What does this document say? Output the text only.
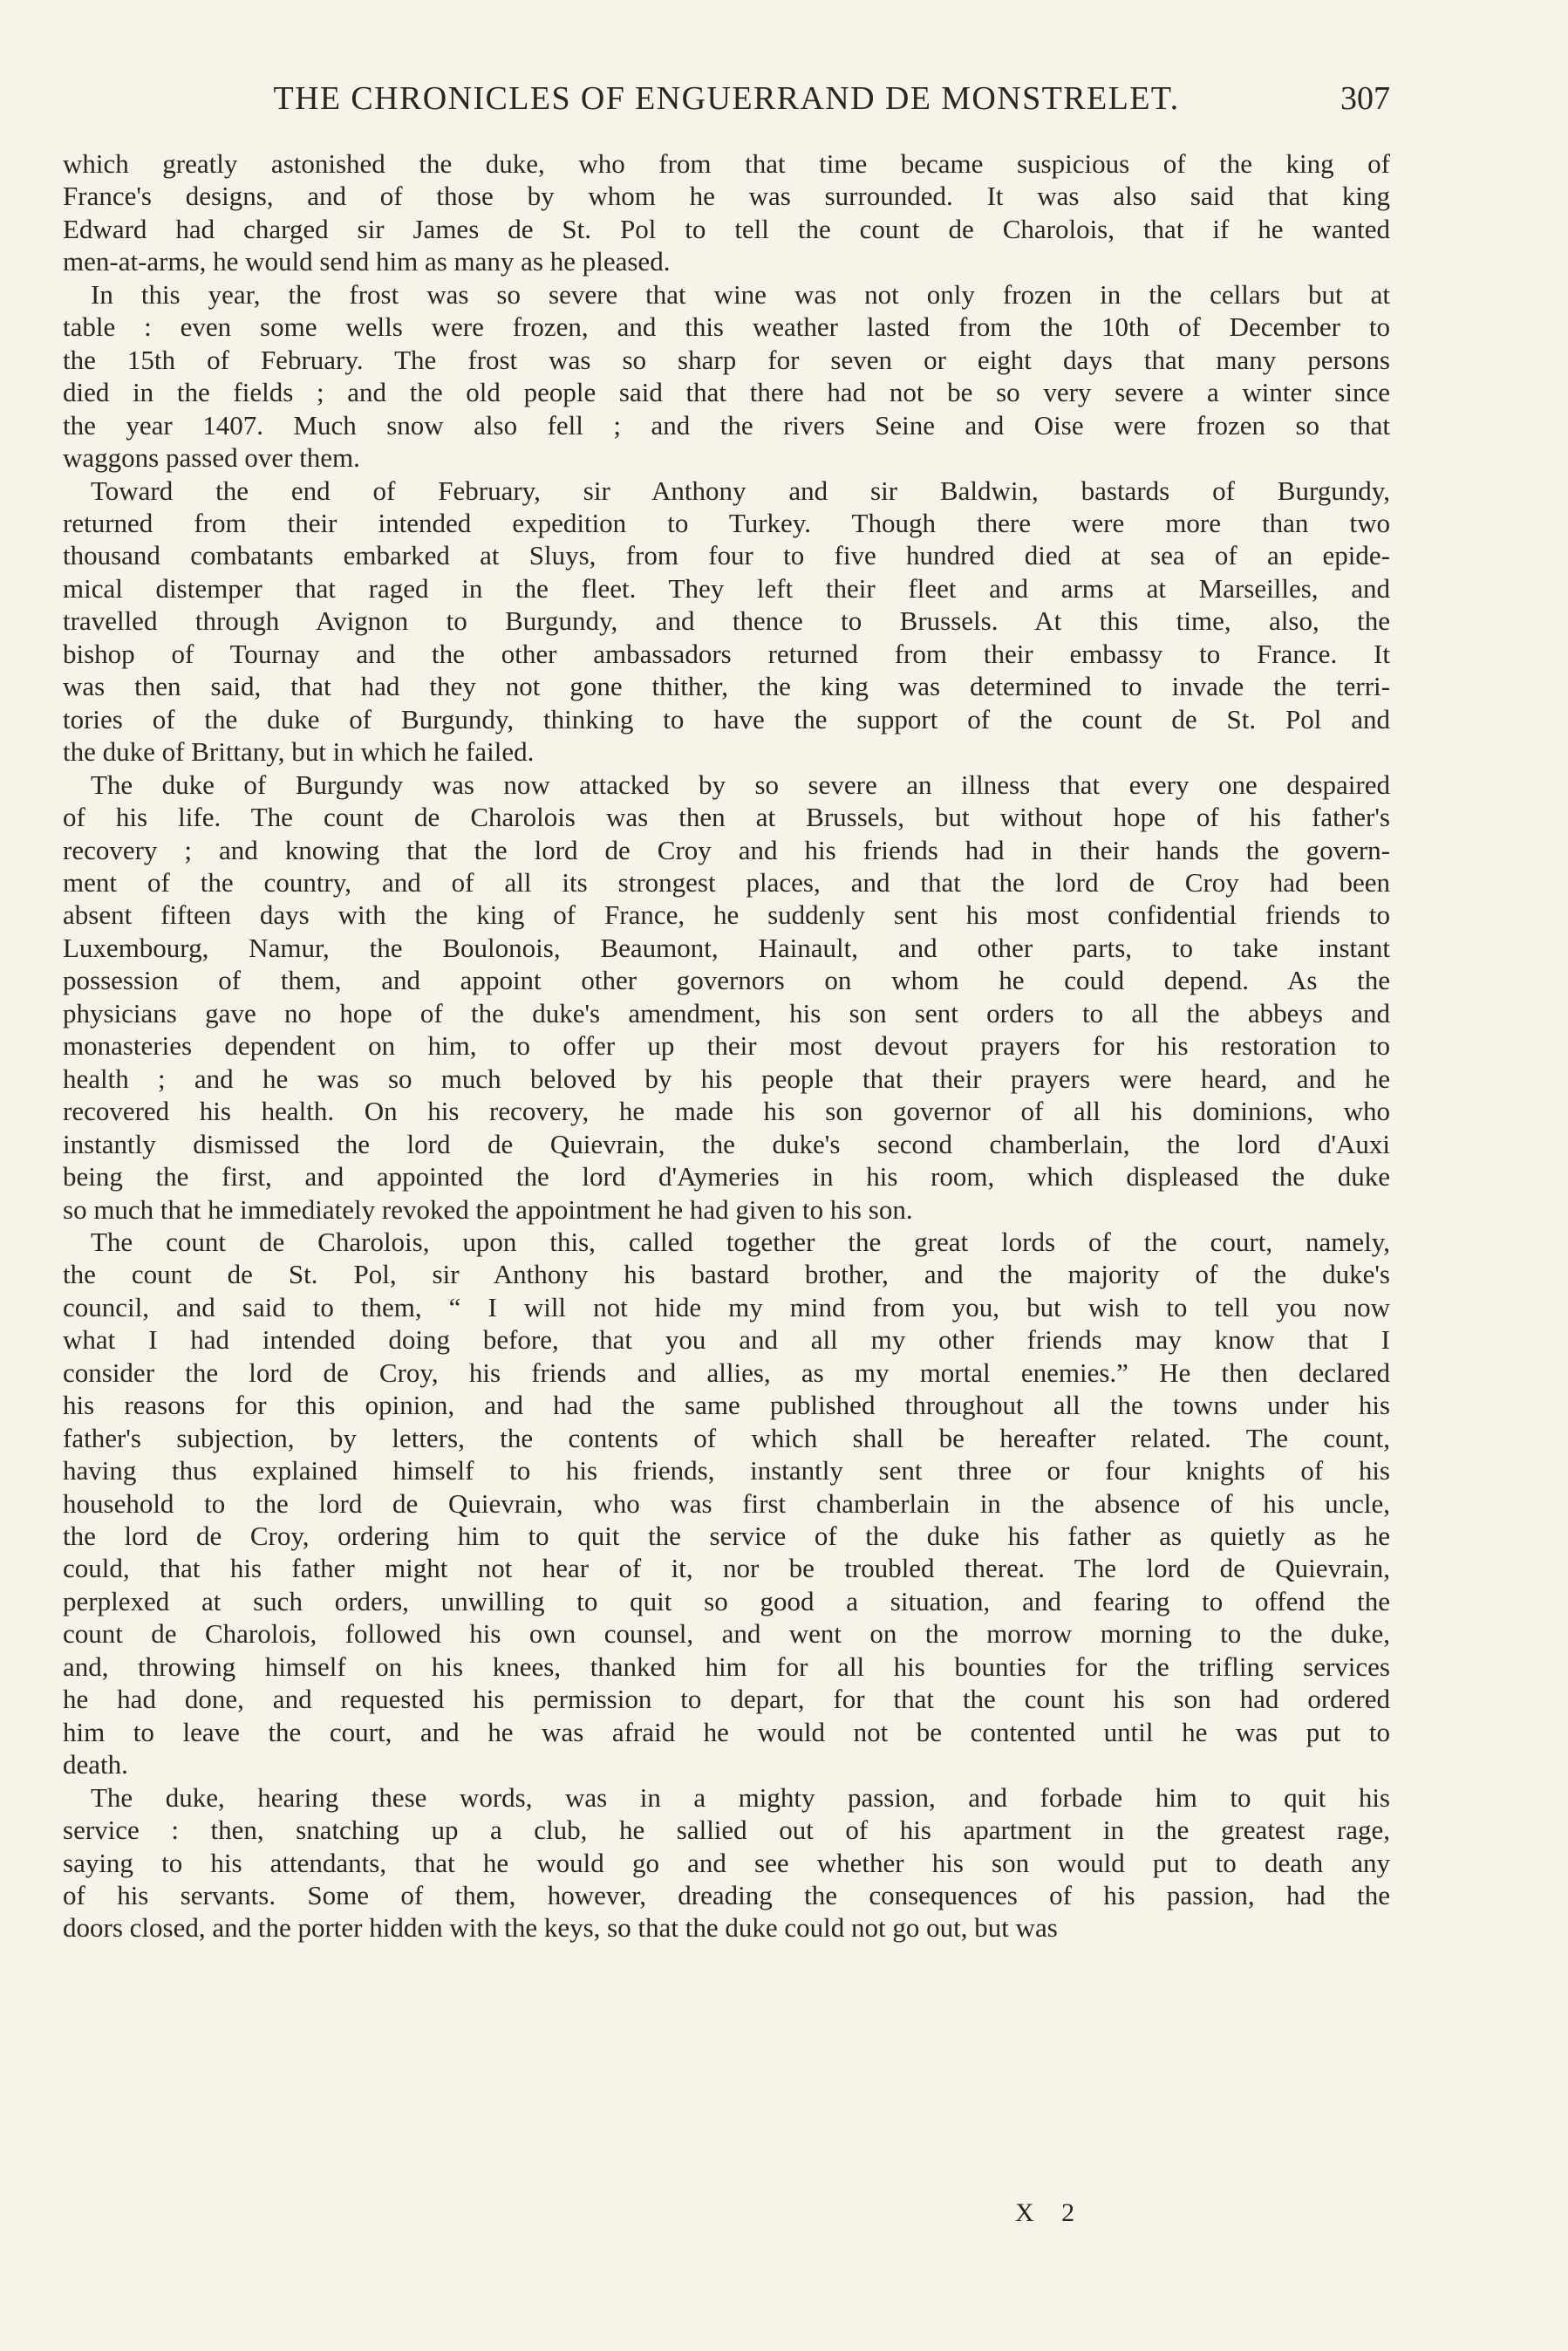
THE CHRONICLES OF ENGUERRAND DE MONSTRELET.	307

which greatly astonished the duke, who from that time became suspicious of the king of
France's designs, and of those by whom he was surrounded. It was also said that king
Edward had charged sir James de St. Pol to tell the count de Charolois, that if he wanted
men-at-arms, he would send him as many as he pleased.

In this year, the frost was so severe that wine was not only frozen in the cellars but at
table : even some wells were frozen, and this weather lasted from the 10th of December to
the 15th of February. The frost was so sharp for seven or eight days that many persons
died in the fields ; and the old people said that there had not be so very severe a winter since
the year 1407. Much snow also fell ; and the rivers Seine and Oise were frozen so that
waggons passed over them.

Toward the end of February, sir Anthony and sir Baldwin, bastards of Burgundy,
returned from their intended expedition to Turkey. Though there were more than two
thousand combatants embarked at Sluys, from four to five hundred died at sea of an epide-
mical distemper that raged in the fleet. They left their fleet and arms at Marseilles, and
travelled through Avignon to Burgundy, and thence to Brussels. At this time, also, the
bishop of Tournay and the other ambassadors returned from their embassy to France. It
was then said, that had they not gone thither, the king was determined to invade the terri-
tories of the duke of Burgundy, thinking to have the support of the count de St. Pol and
the duke of Brittany, but in which he failed.

The duke of Burgundy was now attacked by so severe an illness that every one despaired
of his life. The count de Charolois was then at Brussels, but without hope of his father's
recovery ; and knowing that the lord de Croy and his friends had in their hands the govern-
ment of the country, and of all its strongest places, and that the lord de Croy had been
absent fifteen days with the king of France, he suddenly sent his most confidential friends to
Luxembourg, Namur, the Boulonois, Beaumont, Hainault, and other parts, to take instant
possession of them, and appoint other governors on whom he could depend. As the
physicians gave no hope of the duke's amendment, his son sent orders to all the abbeys and
monasteries dependent on him, to offer up their most devout prayers for his restoration to
health ; and he was so much beloved by his people that their prayers were heard, and he
recovered his health. On his recovery, he made his son governor of all his dominions, who
instantly dismissed the lord de Quievrain, the duke's second chamberlain, the lord d'Auxi
being the first, and appointed the lord d'Aymeries in his room, which displeased the duke
so much that he immediately revoked the appointment he had given to his son.

The count de Charolois, upon this, called together the great lords of the court, namely,
the count de St. Pol, sir Anthony his bastard brother, and the majority of the duke's
council, and said to them, “ I will not hide my mind from you, but wish to tell you now
what I had intended doing before, that you and all my other friends may know that I
consider the lord de Croy, his friends and allies, as my mortal enemies.” He then declared
his reasons for this opinion, and had the same published throughout all the towns under his
father's subjection, by letters, the contents of which shall be hereafter related. The count,
having thus explained himself to his friends, instantly sent three or four knights of his
household to the lord de Quievrain, who was first chamberlain in the absence of his uncle,
the lord de Croy, ordering him to quit the service of the duke his father as quietly as he
could, that his father might not hear of it, nor be troubled thereat. The lord de Quievrain,
perplexed at such orders, unwilling to quit so good a situation, and fearing to offend the
count de Charolois, followed his own counsel, and went on the morrow morning to the duke,
and, throwing himself on his knees, thanked him for all his bounties for the trifling services
he had done, and requested his permission to depart, for that the count his son had ordered
him to leave the court, and he was afraid he would not be contented until he was put to
death.

The duke, hearing these words, was in a mighty passion, and forbade him to quit his
service : then, snatching up a club, he sallied out of his apartment in the greatest rage,
saying to his attendants, that he would go and see whether his son would put to death any
of his servants. Some of them, however, dreading the consequences of his passion, had the
doors closed, and the porter hidden with the keys, so that the duke could not go out, but was

X 2
